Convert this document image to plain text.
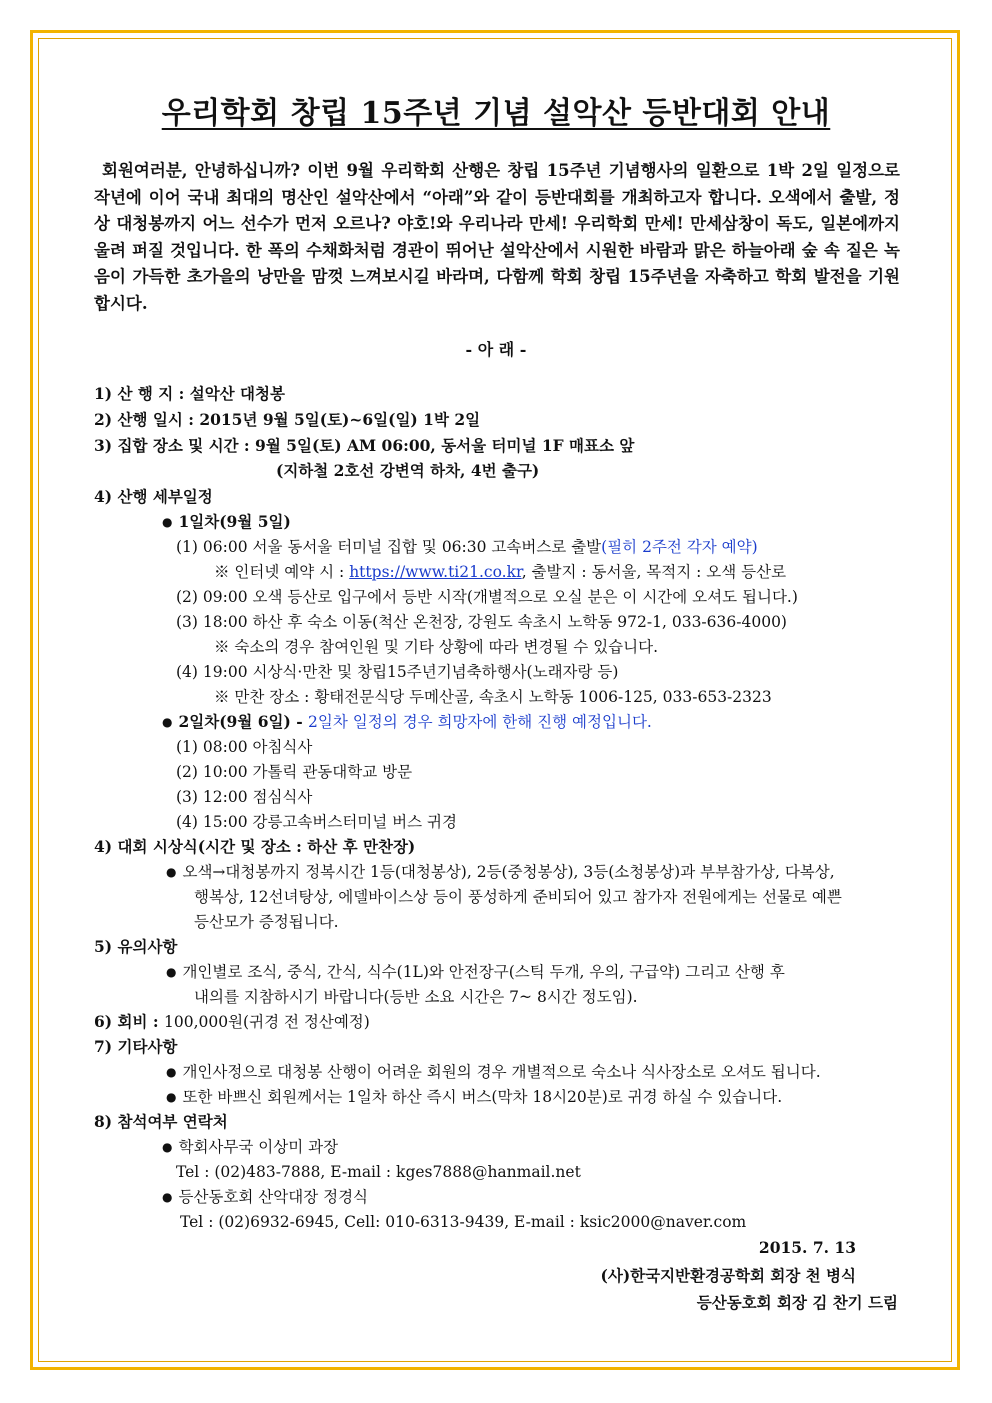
우리학회 창립 15주년 기념 설악산 등반대회 안내

회원여러분, 안녕하십니까? 이번 9월 우리학회 산행은 창립 15주년 기념행사의 일환으로 1박 2일 일정으로 작년에 이어 국내 최대의 명산인 설악산에서 “아래”와 같이 등반대회를 개최하고자 합니다. 오색에서 출발, 정상 대청봉까지 어느 선수가 먼저 오르나? 야호!와 우리나라 만세! 우리학회 만세! 만세삼창이 독도, 일본에까지 울려 퍼질 것입니다. 한 폭의 수채화처럼 경관이 뛰어난 설악산에서 시원한 바람과 맑은 하늘아래 숲 속 짙은 녹음이 가득한 초가을의 낭만을 맘껏 느껴보시길 바라며, 다함께 학회 창립 15주년을 자축하고 학회 발전을 기원 합시다.

- 아 래 -
1) 산 행 지 : 설악산 대청봉
2) 산행 일시 : 2015년 9월 5일(토)~6일(일) 1박 2일
3) 집합 장소 및 시간 : 9월 5일(토) AM 06:00, 동서울 터미널 1F 매표소 앞
(지하철 2호선 강변역 하차, 4번 출구)
4) 산행 세부일정
● 1일차(9월 5일)
(1) 06:00 서울 동서울 터미널 집합 및 06:30 고속버스로 출발(필히 2주전 각자 예약)
※ 인터넷 예약 시 : https://www.ti21.co.kr, 출발지 : 동서울, 목적지 : 오색 등산로
(2) 09:00 오색 등산로 입구에서 등반 시작(개별적으로 오실 분은 이 시간에 오셔도 됩니다.)
(3) 18:00 하산 후 숙소 이동(척산 온천장, 강원도 속초시 노학동 972-1, 033-636-4000)
※ 숙소의 경우 참여인원 및 기타 상황에 따라 변경될 수 있습니다.
(4) 19:00 시상식·만찬 및 창립15주년기념축하행사(노래자랑 등)
※ 만찬 장소 : 황태전문식당 두메산골, 속초시 노학동 1006-125, 033-653-2323
● 2일차(9월 6일) - 2일차 일정의 경우 희망자에 한해 진행 예정입니다.
(1) 08:00 아침식사
(2) 10:00 가톨릭 관동대학교 방문
(3) 12:00 점심식사
(4) 15:00 강릉고속버스터미널 버스 귀경
4) 대회 시상식(시간 및 장소 : 하산 후 만찬장)
● 오색→대청봉까지 정복시간 1등(대청봉상), 2등(중청봉상), 3등(소청봉상)과 부부참가상, 다복상,
행복상, 12선녀탕상, 에델바이스상 등이 풍성하게 준비되어 있고 참가자 전원에게는 선물로 예쁜
등산모가 증정됩니다.
5) 유의사항
● 개인별로 조식, 중식, 간식, 식수(1L)와 안전장구(스틱 두개, 우의, 구급약) 그리고 산행 후
내의를 지참하시기 바랍니다(등반 소요 시간은 7~ 8시간 정도임).
6) 회비 : 100,000원(귀경 전 정산예정)
7) 기타사항
● 개인사정으로 대청봉 산행이 어려운 회원의 경우 개별적으로 숙소나 식사장소로 오셔도 됩니다.
● 또한 바쁘신 회원께서는 1일차 하산 즉시 버스(막차 18시20분)로 귀경 하실 수 있습니다.
8) 참석여부 연락처
● 학회사무국 이상미 과장
Tel : (02)483-7888, E-mail : kges7888@hanmail.net
● 등산동호회 산악대장 정경식
Tel : (02)6932-6945, Cell: 010-6313-9439, E-mail : ksic2000@naver.com
2015. 7. 13
(사)한국지반환경공학회 회장 천 병식
등산동호회 회장 김 찬기 드림
